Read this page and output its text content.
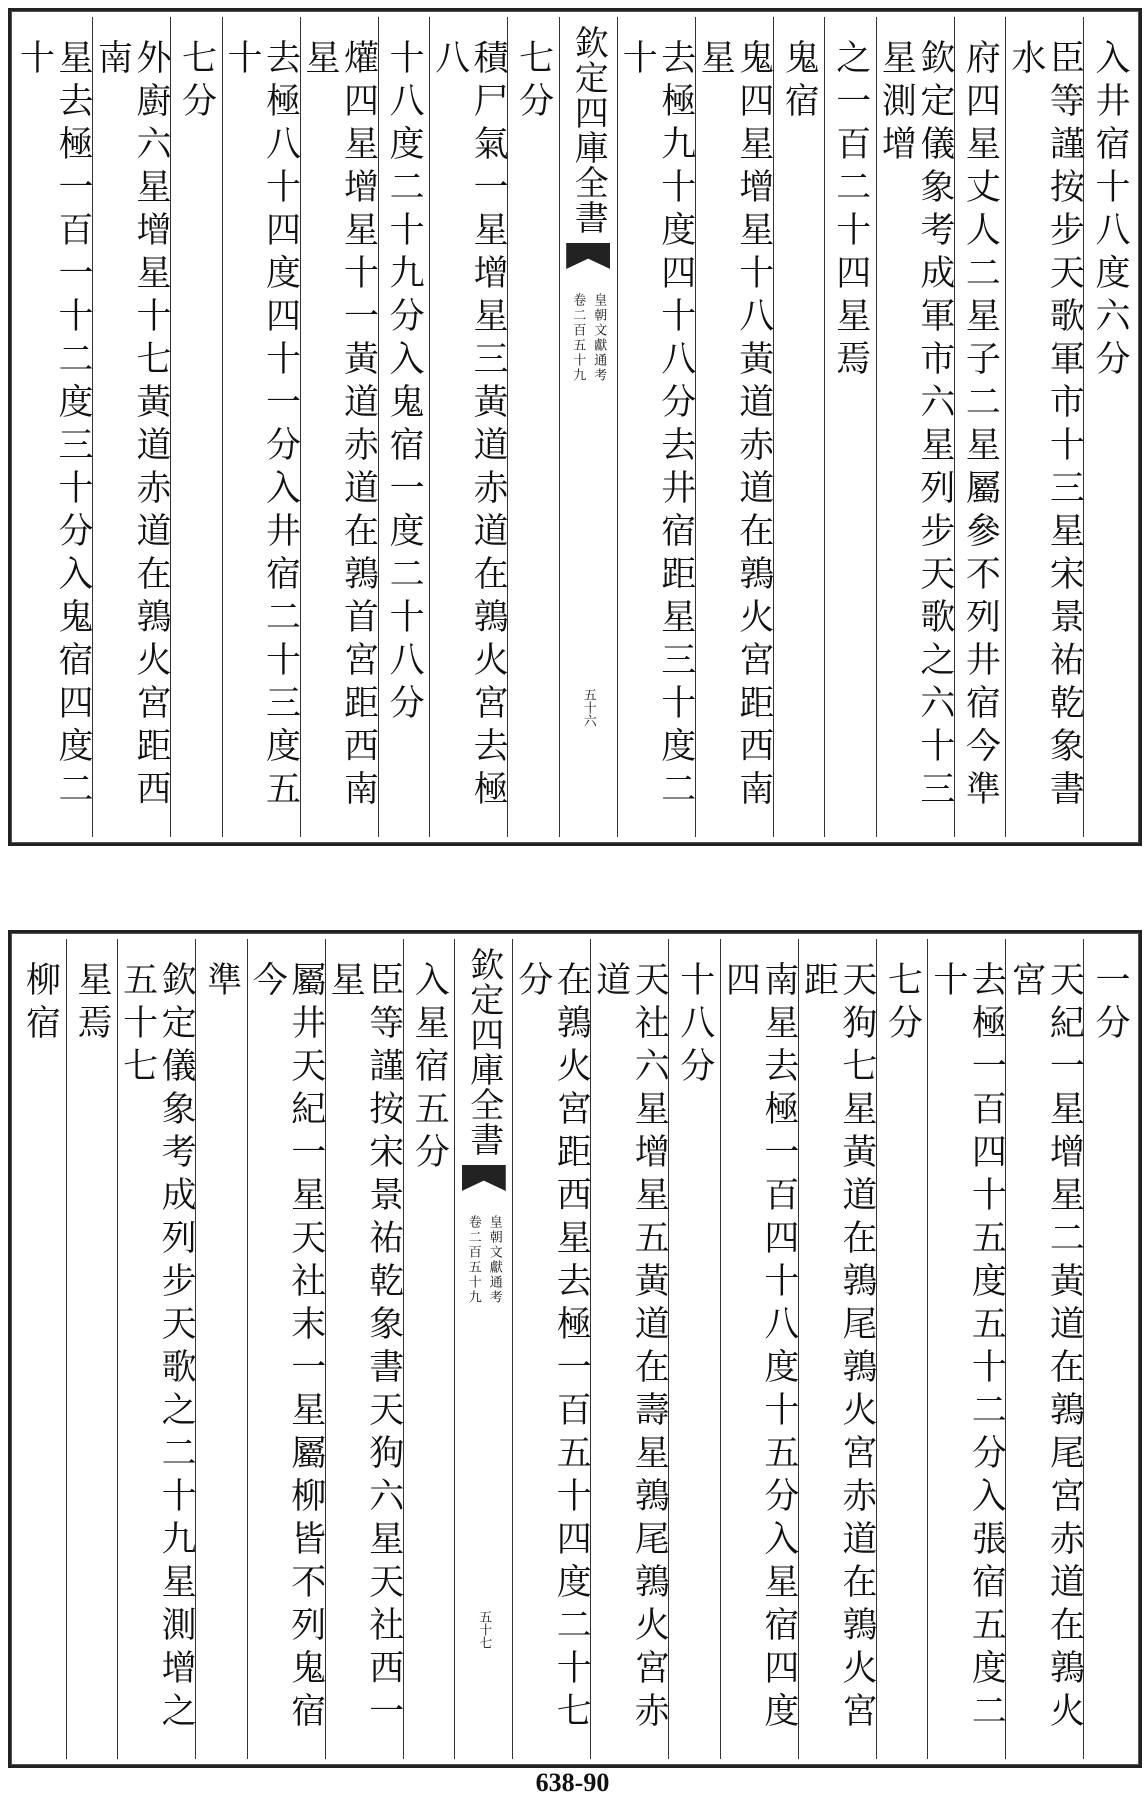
入井宿十八度六分
臣等謹按步天歌軍市十三星宋景祐乾象書水
府四星丈人二星子二星屬參不列井宿今準
欽定儀象考成軍市六星列步天歌之六十三星測增
之一百二十四星焉
鬼宿
鬼四星增星十八黃道赤道在鶉火宮距西南星
去極九十度四十八分去井宿距星三十度二十
欽定四庫全書
皇朝文獻通考
卷二百五十九
五十六
七分
積尸氣一星增星三黃道赤道在鶉火宮去極八
十八度二十九分入鬼宿一度二十八分
爟四星增星十一黃道赤道在鶉首宮距西南星
去極八十四度四十一分入井宿二十三度五十
七分
外廚六星增星十七黃道赤道在鶉火宮距西南
星去極一百一十二度三十分入鬼宿四度二十
一分
天紀一星增星二黃道在鶉尾宮赤道在鶉火宮
去極一百四十五度五十二分入張宿五度二十
七分
天狗七星黃道在鶉尾鶉火宮赤道在鶉火宮距
南星去極一百四十八度十五分入星宿四度四
十八分
天社六星增星五黃道在壽星鶉尾鶉火宮赤道
在鶉火宮距西星去極一百五十四度二十七分
欽定四庫全書
皇朝文獻通考
卷二百五十九
五十七
入星宿五分
臣等謹按宋景祐乾象書天狗六星天社西一星
屬井天紀一星天社末一星屬柳皆不列鬼宿今
準
欽定儀象考成列步天歌之二十九星測增之五十七
星焉
柳宿
638-90
